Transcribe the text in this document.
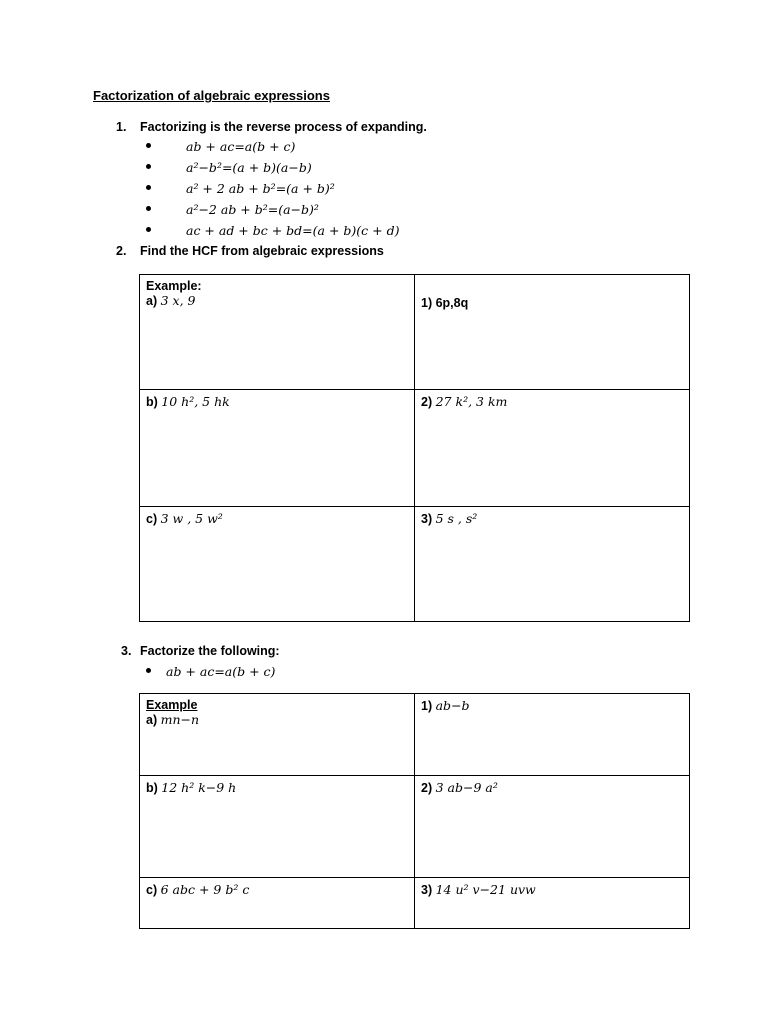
Factorization of algebraic expressions
1. Factorizing is the reverse process of expanding.
ab + ac=a(b + c)
a²−b²=(a + b)(a−b)
a² + 2 ab + b²=(a + b)²
a²−2 ab + b²=(a−b)²
ac + ad + bc + bd=(a + b)(c + d)
2. Find the HCF from algebraic expressions
Example:
a) 3 x, 9	1) 6p,8q
b) 10 h², 5 hk	2) 27 k², 3 km
c) 3 w , 5 w²	3) 5 s , s²
3. Factorize the following:
ab + ac=a(b + c)
Example
a) mn−n	1) ab−b
b) 12 h² k−9 h	2) 3 ab−9 a²
c) 6 abc + 9 b² c	3) 14 u² v−21 uvw
